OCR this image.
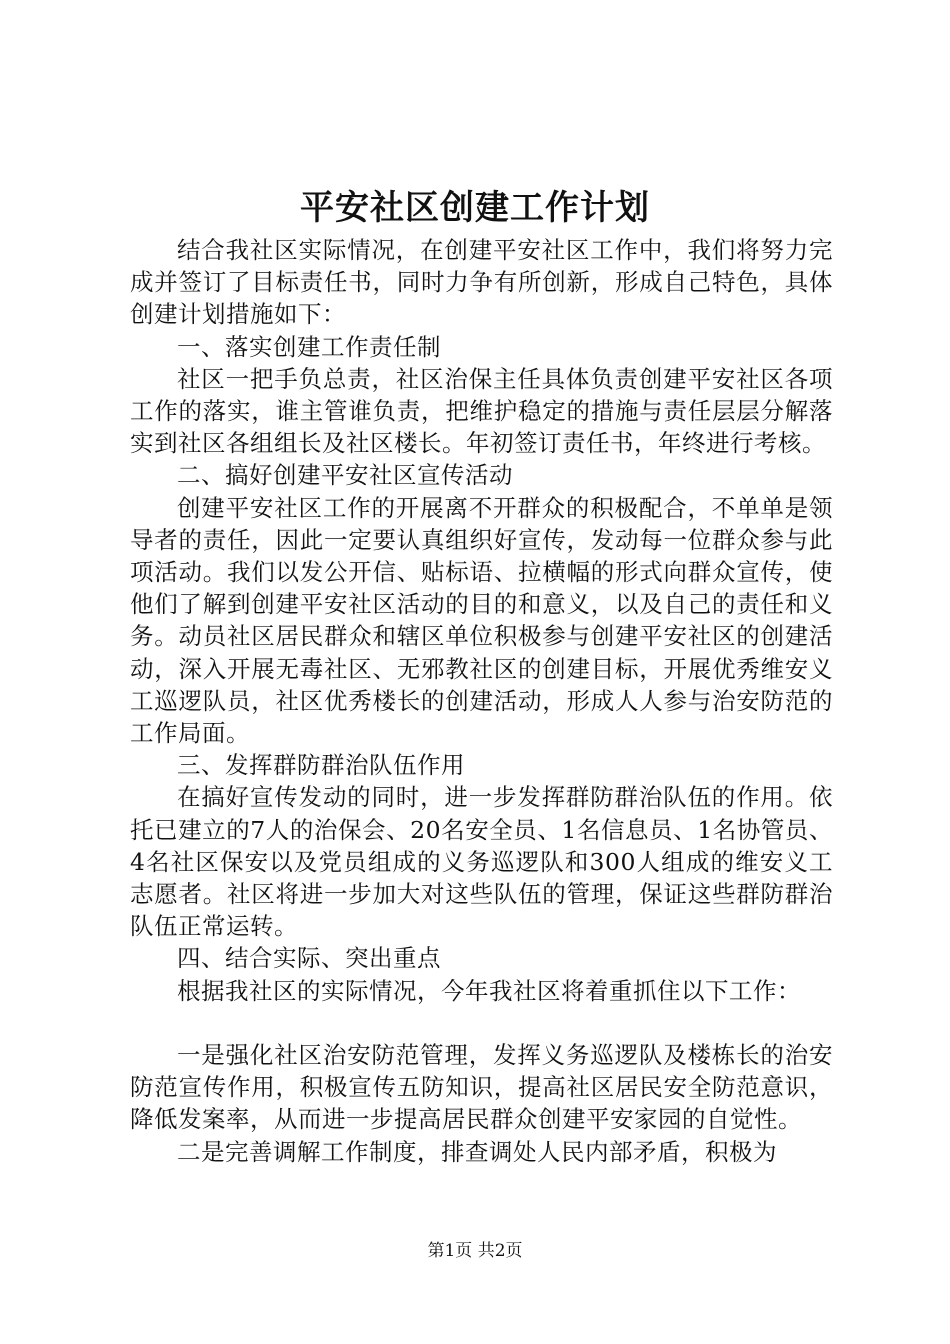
平安社区创建工作计划

结合我社区实际情况，在创建平安社区工作中，我们将努力完成并签订了目标责任书，同时力争有所创新，形成自己特色，具体创建计划措施如下：

一、落实创建工作责任制

社区一把手负总责，社区治保主任具体负责创建平安社区各项工作的落实，谁主管谁负责，把维护稳定的措施与责任层层分解落实到社区各组组长及社区楼长。年初签订责任书，年终进行考核。

二、搞好创建平安社区宣传活动

创建平安社区工作的开展离不开群众的积极配合，不单单是领导者的责任，因此一定要认真组织好宣传，发动每一位群众参与此项活动。我们以发公开信、贴标语、拉横幅的形式向群众宣传，使他们了解到创建平安社区活动的目的和意义，以及自己的责任和义务。动员社区居民群众和辖区单位积极参与创建平安社区的创建活动，深入开展无毒社区、无邪教社区的创建目标，开展优秀维安义工巡逻队员，社区优秀楼长的创建活动，形成人人参与治安防范的工作局面。

三、发挥群防群治队伍作用

在搞好宣传发动的同时，进一步发挥群防群治队伍的作用。依托已建立的7人的治保会、20名安全员、1名信息员、1名协管员、4名社区保安以及党员组成的义务巡逻队和300人组成的维安义工志愿者。社区将进一步加大对这些队伍的管理，保证这些群防群治队伍正常运转。

四、结合实际、突出重点

根据我社区的实际情况，今年我社区将着重抓住以下工作：

一是强化社区治安防范管理，发挥义务巡逻队及楼栋长的治安防范宣传作用，积极宣传五防知识，提高社区居民安全防范意识，降低发案率，从而进一步提高居民群众创建平安家园的自觉性。

二是完善调解工作制度，排查调处人民内部矛盾，积极为

第1页 共2页
